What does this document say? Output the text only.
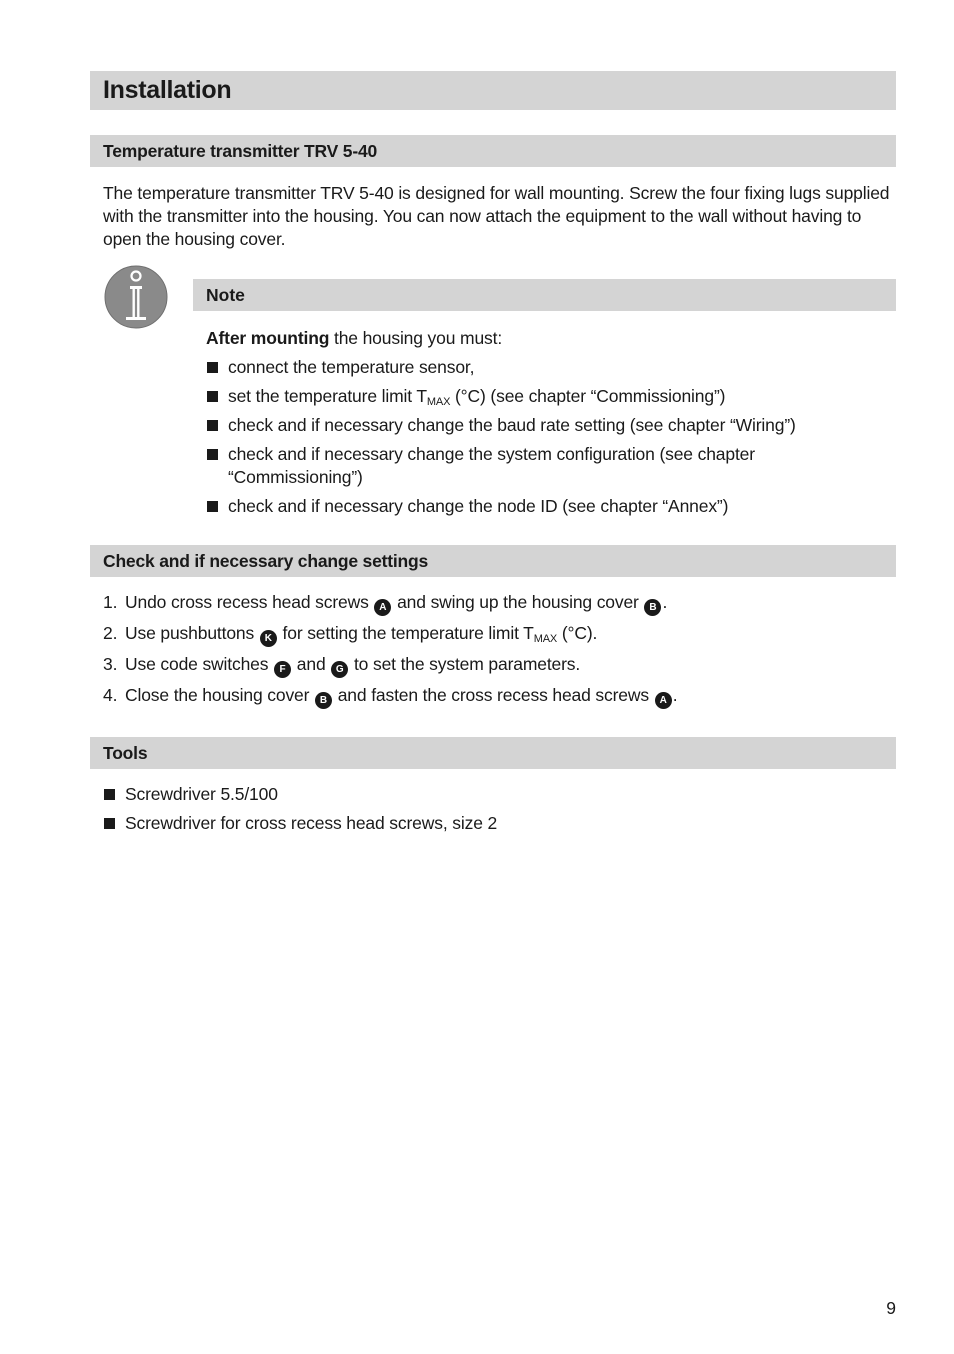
Installation
Temperature transmitter TRV 5-40
The temperature transmitter TRV 5-40 is designed for wall mounting. Screw the four fixing lugs supplied with the transmitter into the housing. You can now attach the equipment to the wall without having to open the housing cover.
Note
After mounting the housing you must:
connect the temperature sensor,
set the temperature limit $T_{MAX}$ (°C) (see chapter “Commissioning”)
check and if necessary change the baud rate setting (see chapter “Wiring”)
check and if necessary change the system configuration (see chapter “Commissioning”)
check and if necessary change the node ID (see chapter “Annex”)
Check and if necessary change settings
1. Undo cross recess head screws A and swing up the housing cover B .
2. Use pushbuttons K for setting the temperature limit $T_{MAX}$ (°C).
3. Use code switches F and G to set the system parameters.
4. Close the housing cover B and fasten the cross recess head screws A .
Tools
Screwdriver 5.5/100
Screwdriver for cross recess head screws, size 2
9
